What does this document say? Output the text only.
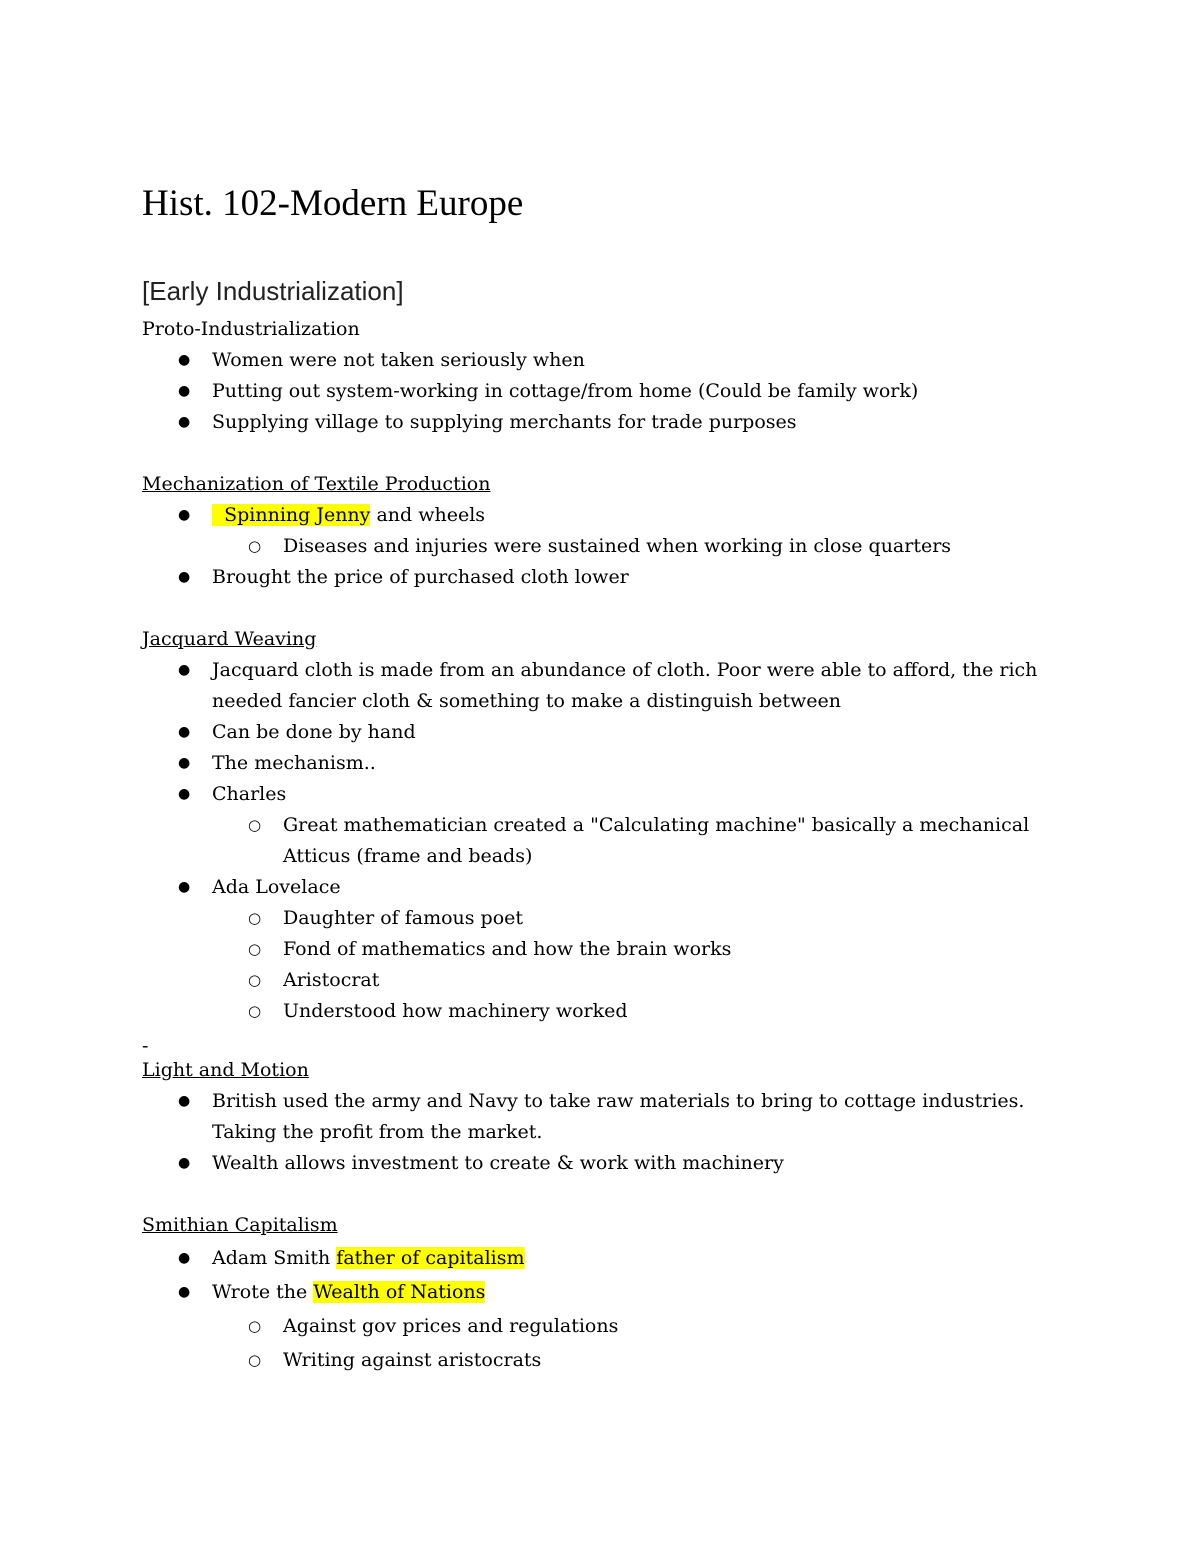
Hist. 102-Modern Europe
[Early Industrialization]

Proto-Industrialization

● Women were not taken seriously when
● Putting out system-working in cottage/from home (Could be family work)
● Supplying village to supplying merchants for trade purposes

Mechanization of Textile Production

● Spinning Jenny and wheels
○ Diseases and injuries were sustained when working in close quarters
● Brought the price of purchased cloth lower

Jacquard Weaving

● Jacquard cloth is made from an abundance of cloth. Poor were able to afford, the rich needed fancier cloth & something to make a distinguish between
● Can be done by hand
● The mechanism..
● Charles
○ Great mathematician created a "Calculating machine" basically a mechanical Atticus (frame and beads)
● Ada Lovelace
○ Daughter of famous poet
○ Fond of mathematics and how the brain works
○ Aristocrat
○ Understood how machinery worked

-

Light and Motion

● British used the army and Navy to take raw materials to bring to cottage industries. Taking the profit from the market.
● Wealth allows investment to create & work with machinery

Smithian Capitalism

● Adam Smith father of capitalism
● Wrote the Wealth of Nations
○ Against gov prices and regulations
○ Writing against aristocrats
